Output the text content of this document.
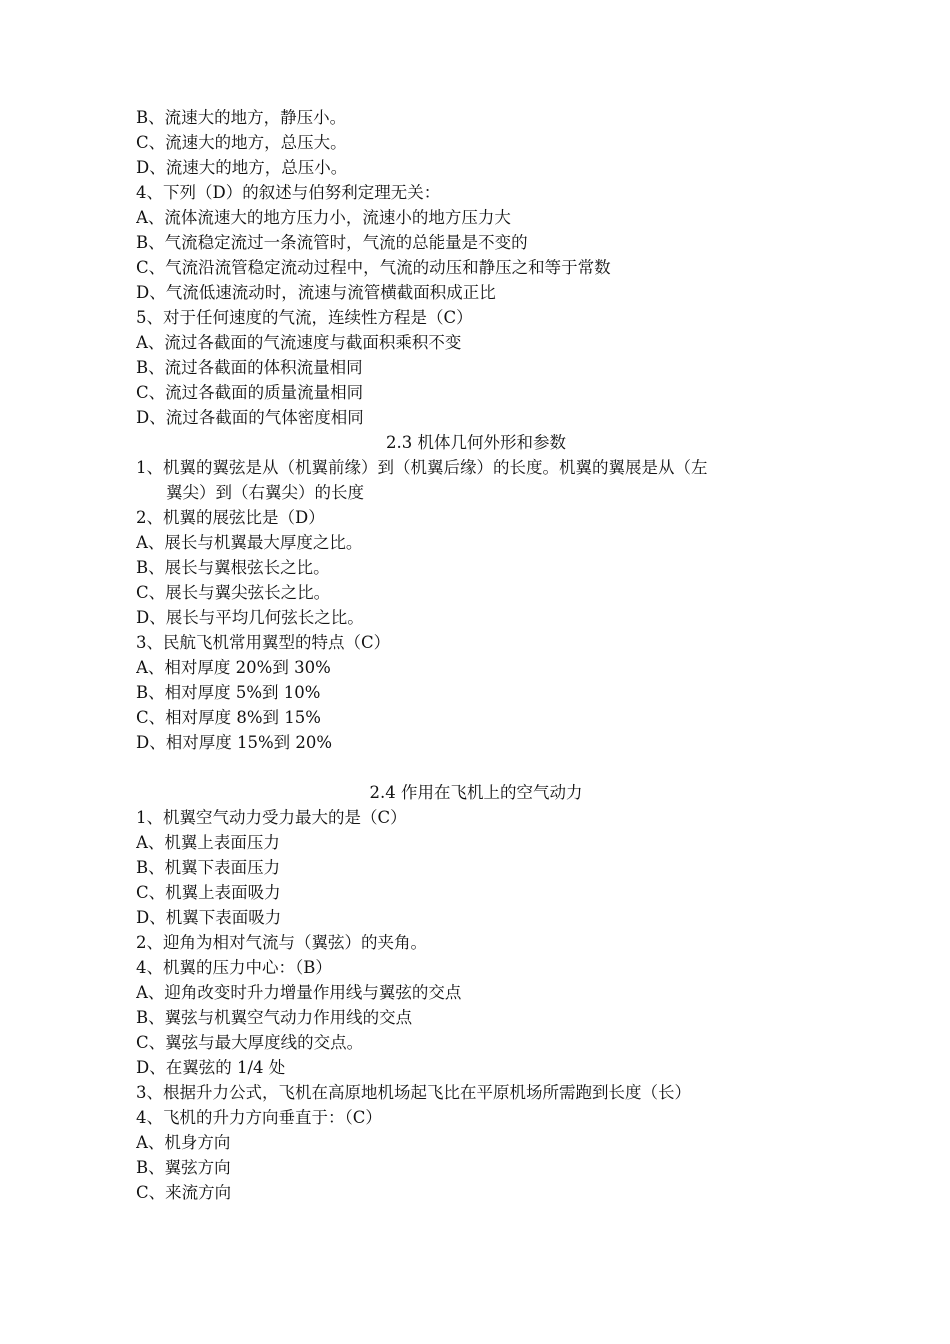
B、流速大的地方，静压小。
C、流速大的地方，总压大。
D、流速大的地方，总压小。
4、下列（D）的叙述与伯努利定理无关：
A、流体流速大的地方压力小，流速小的地方压力大
B、气流稳定流过一条流管时，气流的总能量是不变的
C、气流沿流管稳定流动过程中，气流的动压和静压之和等于常数
D、气流低速流动时，流速与流管横截面积成正比
5、对于任何速度的气流，连续性方程是（C）
A、流过各截面的气流速度与截面积乘积不变
B、流过各截面的体积流量相同
C、流过各截面的质量流量相同
D、流过各截面的气体密度相同
2.3 机体几何外形和参数
1、机翼的翼弦是从（机翼前缘）到（机翼后缘）的长度。机翼的翼展是从（左
翼尖）到（右翼尖）的长度
2、机翼的展弦比是（D）
A、展长与机翼最大厚度之比。
B、展长与翼根弦长之比。
C、展长与翼尖弦长之比。
D、展长与平均几何弦长之比。
3、民航飞机常用翼型的特点（C）
A、相对厚度 20%到 30%
B、相对厚度 5%到 10%
C、相对厚度 8%到 15%
D、相对厚度 15%到 20%
2.4 作用在飞机上的空气动力
1、机翼空气动力受力最大的是（C）
A、机翼上表面压力
B、机翼下表面压力
C、机翼上表面吸力
D、机翼下表面吸力
2、迎角为相对气流与（翼弦）的夹角。
4、机翼的压力中心：（B）
A、迎角改变时升力增量作用线与翼弦的交点
B、翼弦与机翼空气动力作用线的交点
C、翼弦与最大厚度线的交点。
D、在翼弦的 1/4 处
3、根据升力公式，飞机在高原地机场起飞比在平原机场所需跑到长度（长）
4、飞机的升力方向垂直于：（C）
A、机身方向
B、翼弦方向
C、来流方向
